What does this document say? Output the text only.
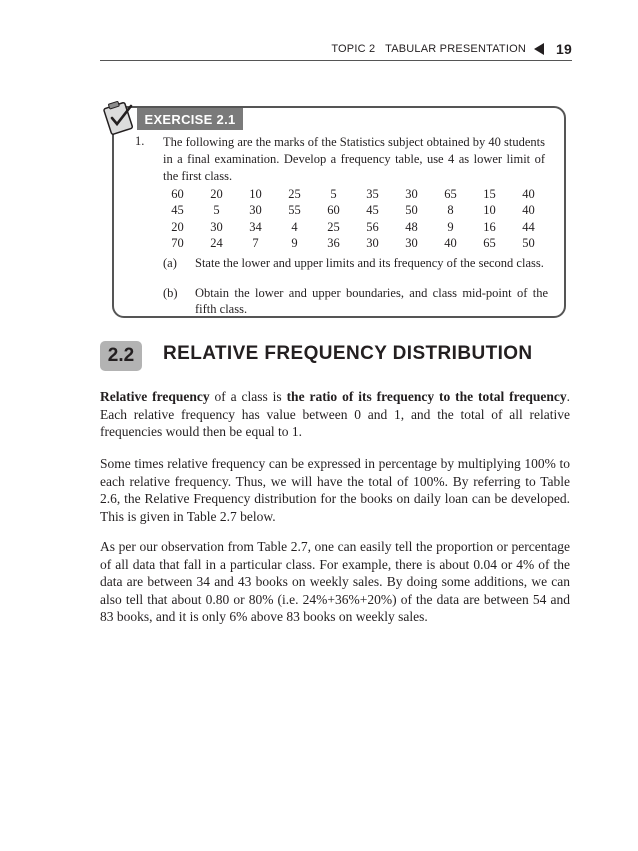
TOPIC 2 TABULAR PRESENTATION 19
EXERCISE 2.1
1. The following are the marks of the Statistics subject obtained by 40 students in a final examination. Develop a frequency table, use 4 as lower limit of the first class.
60	20	10	25	5	35	30	65	15	40
45	5	30	55	60	45	50	8	10	40
20	30	34	4	25	56	48	9	16	44
70	24	7	9	36	30	30	40	65	50
(a)	State the lower and upper limits and its frequency of the second class.
(b)	Obtain the lower and upper boundaries, and class mid-point of the fifth class.
2.2	RELATIVE FREQUENCY DISTRIBUTION

Relative frequency of a class is the ratio of its frequency to the total frequency. Each relative frequency has value between 0 and 1, and the total of all relative frequencies would then be equal to 1.

Some times relative frequency can be expressed in percentage by multiplying 100% to each relative frequency. Thus, we will have the total of 100%. By referring to Table 2.6, the Relative Frequency distribution for the books on daily loan can be developed. This is given in Table 2.7 below.

As per our observation from Table 2.7, one can easily tell the proportion or percentage of all data that fall in a particular class. For example, there is about 0.04 or 4% of the data are between 34 and 43 books on weekly sales. By doing some additions, we can also tell that about 0.80 or 80% (i.e. 24%+36%+20%) of the data are between 54 and 83 books, and it is only 6% above 83 books on weekly sales.
